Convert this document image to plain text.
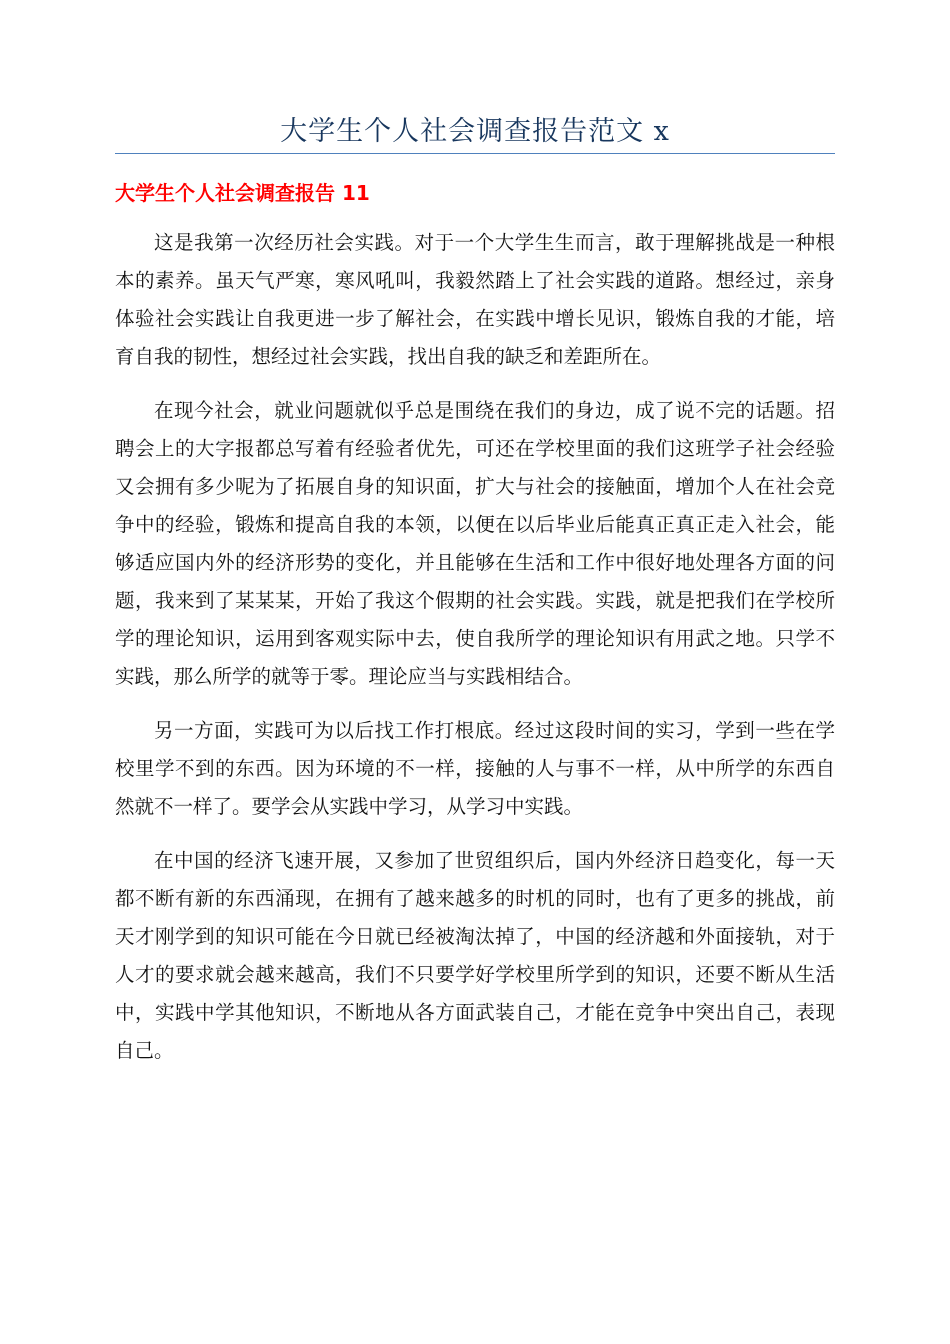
大学生个人社会调查报告范文 x
大学生个人社会调查报告 11

这是我第一次经历社会实践。对于一个大学生生而言，敢于理解挑战是一种根本的素养。虽天气严寒，寒风吼叫，我毅然踏上了社会实践的道路。想经过，亲身体验社会实践让自我更进一步了解社会，在实践中增长见识，锻炼自我的才能，培育自我的韧性，想经过社会实践，找出自我的缺乏和差距所在。

在现今社会，就业问题就似乎总是围绕在我们的身边，成了说不完的话题。招聘会上的大字报都总写着有经验者优先，可还在学校里面的我们这班学子社会经验又会拥有多少呢为了拓展自身的知识面，扩大与社会的接触面，增加个人在社会竞争中的经验，锻炼和提高自我的本领，以便在以后毕业后能真正真正走入社会，能够适应国内外的经济形势的变化，并且能够在生活和工作中很好地处理各方面的问题，我来到了某某某，开始了我这个假期的社会实践。实践，就是把我们在学校所学的理论知识，运用到客观实际中去，使自我所学的理论知识有用武之地。只学不实践，那么所学的就等于零。理论应当与实践相结合。

另一方面，实践可为以后找工作打根底。经过这段时间的实习，学到一些在学校里学不到的东西。因为环境的不一样，接触的人与事不一样，从中所学的东西自然就不一样了。要学会从实践中学习，从学习中实践。

在中国的经济飞速开展，又参加了世贸组织后，国内外经济日趋变化，每一天都不断有新的东西涌现，在拥有了越来越多的时机的同时，也有了更多的挑战，前天才刚学到的知识可能在今日就已经被淘汰掉了，中国的经济越和外面接轨，对于人才的要求就会越来越高，我们不只要学好学校里所学到的知识，还要不断从生活中，实践中学其他知识，不断地从各方面武装自己，才能在竞争中突出自己，表现自己。
